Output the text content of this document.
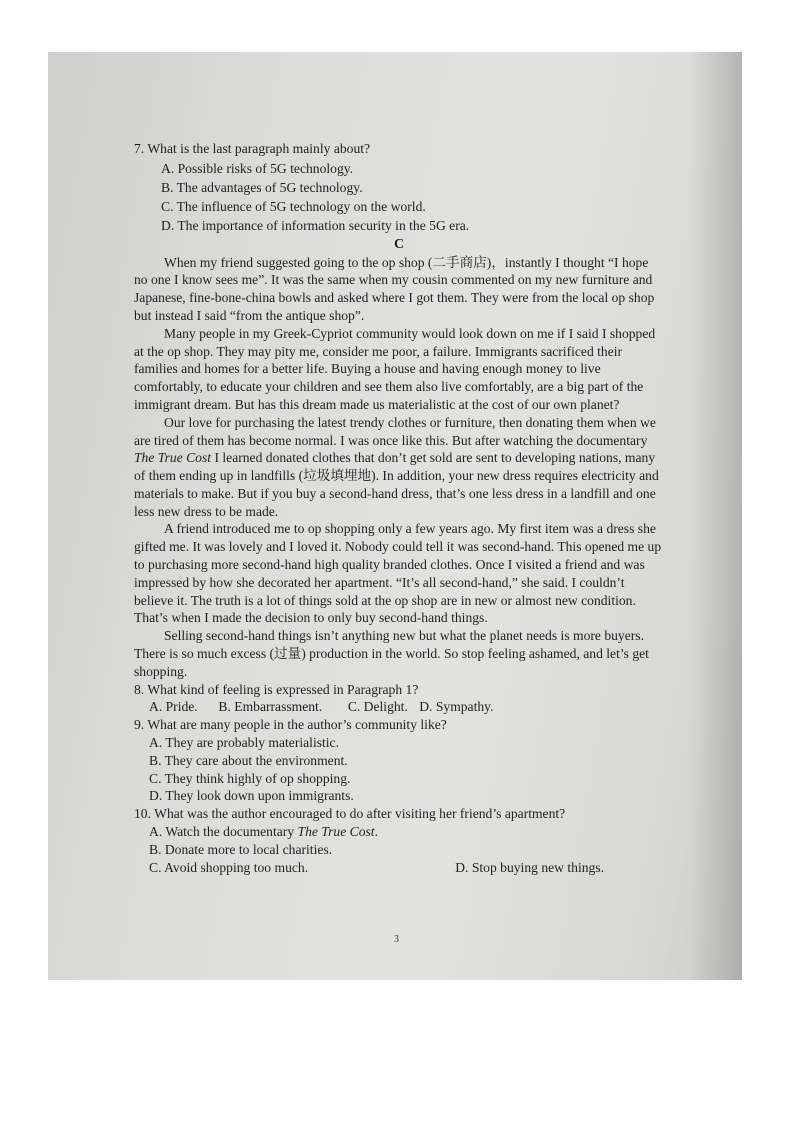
7. What is the last paragraph mainly about?

A. Possible risks of 5G technology.
B. The advantages of 5G technology.
C. The influence of 5G technology on the world.
D. The importance of information security in the 5G era.
C

When my friend suggested going to the op shop (二手商店)，instantly I thought “I hope no one I know sees me”. It was the same when my cousin commented on my new furniture and Japanese, fine-bone-china bowls and asked where I got them. They were from the local op shop but instead I said “from the antique shop”.

Many people in my Greek-Cypriot community would look down on me if I said I shopped at the op shop. They may pity me, consider me poor, a failure. Immigrants sacrificed their families and homes for a better life. Buying a house and having enough money to live comfortably, to educate your children and see them also live comfortably, are a big part of the immigrant dream. But has this dream made us materialistic at the cost of our own planet?

Our love for purchasing the latest trendy clothes or furniture, then donating them when we are tired of them has become normal. I was once like this. But after watching the documentary The True Cost I learned donated clothes that don’t get sold are sent to developing nations, many of them ending up in landfills (垃圾填埋地). In addition, your new dress requires electricity and materials to make. But if you buy a second-hand dress, that’s one less dress in a landfill and one less new dress to be made.

A friend introduced me to op shopping only a few years ago. My first item was a dress she gifted me. It was lovely and I loved it. Nobody could tell it was second-hand. This opened me up to purchasing more second-hand high quality branded clothes. Once I visited a friend and was impressed by how she decorated her apartment. “It’s all second-hand,” she said. I couldn’t believe it. The truth is a lot of things sold at the op shop are in new or almost new condition. That’s when I made the decision to only buy second-hand things.

Selling second-hand things isn’t anything new but what the planet needs is more buyers. There is so much excess (过量) production in the world. So stop feeling ashamed, and let’s get shopping.

8. What kind of feeling is expressed in Paragraph 1?

A. Pride. B. Embarrassment. C. Delight. D. Sympathy.

9. What are many people in the author’s community like?

A. They are probably materialistic.
B. They care about the environment.
C. They think highly of op shopping.
D. They look down upon immigrants.

10. What was the author encouraged to do after visiting her friend’s apartment?

A. Watch the documentary The True Cost.
B. Donate more to local charities.
C. Avoid shopping too much.	D. Stop buying new things.
3
